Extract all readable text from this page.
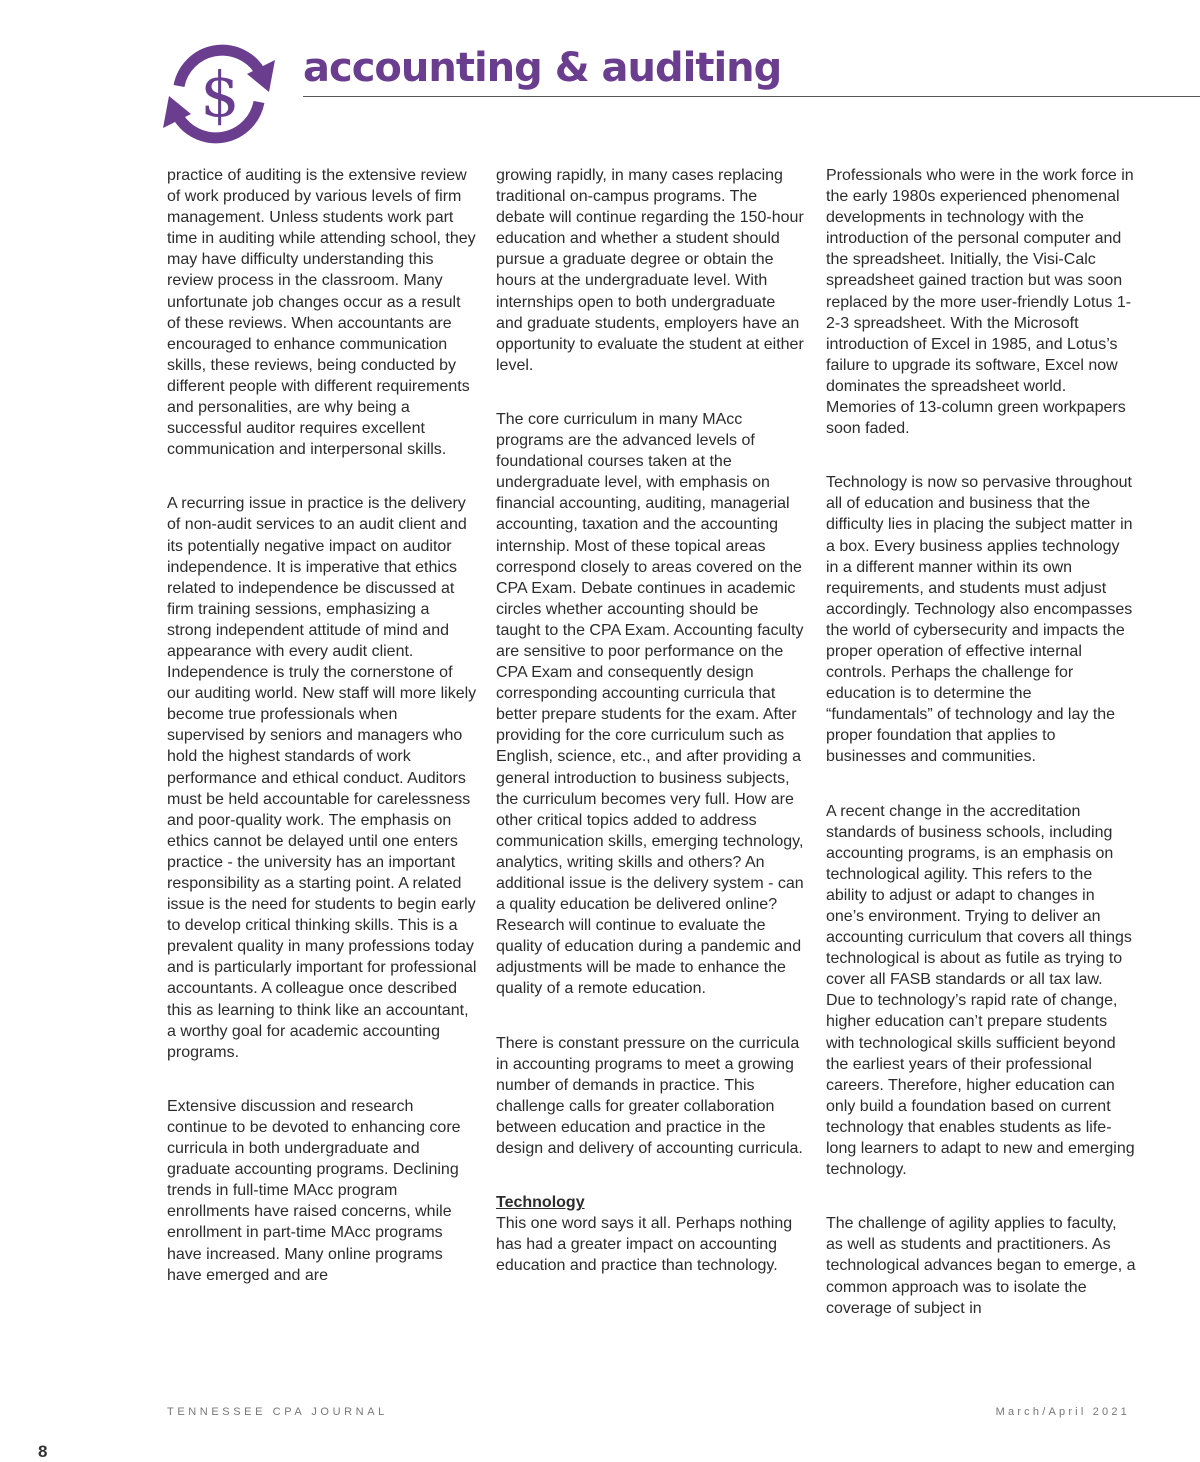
$ accounting & auditing

practice of auditing is the extensive review of work produced by various levels of firm management. Unless students work part time in auditing while attending school, they may have difficulty understanding this review process in the classroom. Many unfortunate job changes occur as a result of these reviews. When accountants are encouraged to enhance communication skills, these reviews, being conducted by different people with different requirements and personalities, are why being a successful auditor requires excellent communication and interpersonal skills.

A recurring issue in practice is the delivery of non-audit services to an audit client and its potentially negative impact on auditor independence. It is imperative that ethics related to independence be discussed at firm training sessions, emphasizing a strong independent attitude of mind and appearance with every audit client. Independence is truly the cornerstone of our auditing world. New staff will more likely become true professionals when supervised by seniors and managers who hold the highest standards of work performance and ethical conduct. Auditors must be held accountable for carelessness and poor-quality work. The emphasis on ethics cannot be delayed until one enters practice - the university has an important responsibility as a starting point. A related issue is the need for students to begin early to develop critical thinking skills. This is a prevalent quality in many professions today and is particularly important for professional accountants. A colleague once described this as learning to think like an accountant, a worthy goal for academic accounting programs.

Extensive discussion and research continue to be devoted to enhancing core curricula in both undergraduate and graduate accounting programs. Declining trends in full-time MAcc program enrollments have raised concerns, while enrollment in part-time MAcc programs have increased. Many online programs have emerged and are

growing rapidly, in many cases replacing traditional on-campus programs. The debate will continue regarding the 150-hour education and whether a student should pursue a graduate degree or obtain the hours at the undergraduate level. With internships open to both undergraduate and graduate students, employers have an opportunity to evaluate the student at either level.

The core curriculum in many MAcc programs are the advanced levels of foundational courses taken at the undergraduate level, with emphasis on financial accounting, auditing, managerial accounting, taxation and the accounting internship. Most of these topical areas correspond closely to areas covered on the CPA Exam. Debate continues in academic circles whether accounting should be taught to the CPA Exam. Accounting faculty are sensitive to poor performance on the CPA Exam and consequently design corresponding accounting curricula that better prepare students for the exam. After providing for the core curriculum such as English, science, etc., and after providing a general introduction to business subjects, the curriculum becomes very full. How are other critical topics added to address communication skills, emerging technology, analytics, writing skills and others? An additional issue is the delivery system - can a quality education be delivered online? Research will continue to evaluate the quality of education during a pandemic and adjustments will be made to enhance the quality of a remote education.

There is constant pressure on the curricula in accounting programs to meet a growing number of demands in practice. This challenge calls for greater collaboration between education and practice in the design and delivery of accounting curricula.

Technology

This one word says it all. Perhaps nothing has had a greater impact on accounting education and practice than technology.

Professionals who were in the work force in the early 1980s experienced phenomenal developments in technology with the introduction of the personal computer and the spreadsheet. Initially, the Visi-Calc spreadsheet gained traction but was soon replaced by the more user-friendly Lotus 1-2-3 spreadsheet. With the Microsoft introduction of Excel in 1985, and Lotus’s failure to upgrade its software, Excel now dominates the spreadsheet world. Memories of 13-column green workpapers soon faded.

Technology is now so pervasive throughout all of education and business that the difficulty lies in placing the subject matter in a box. Every business applies technology in a different manner within its own requirements, and students must adjust accordingly. Technology also encompasses the world of cybersecurity and impacts the proper operation of effective internal controls. Perhaps the challenge for education is to determine the “fundamentals” of technology and lay the proper foundation that applies to businesses and communities.

A recent change in the accreditation standards of business schools, including accounting programs, is an emphasis on technological agility. This refers to the ability to adjust or adapt to changes in one’s environment. Trying to deliver an accounting curriculum that covers all things technological is about as futile as trying to cover all FASB standards or all tax law. Due to technology’s rapid rate of change, higher education can’t prepare students with technological skills sufficient beyond the earliest years of their professional careers. Therefore, higher education can only build a foundation based on current technology that enables students as life-long learners to adapt to new and emerging technology.

The challenge of agility applies to faculty, as well as students and practitioners. As technological advances began to emerge, a common approach was to isolate the coverage of subject in

8
TENNESSEE CPA JOURNAL	March/April 2021
